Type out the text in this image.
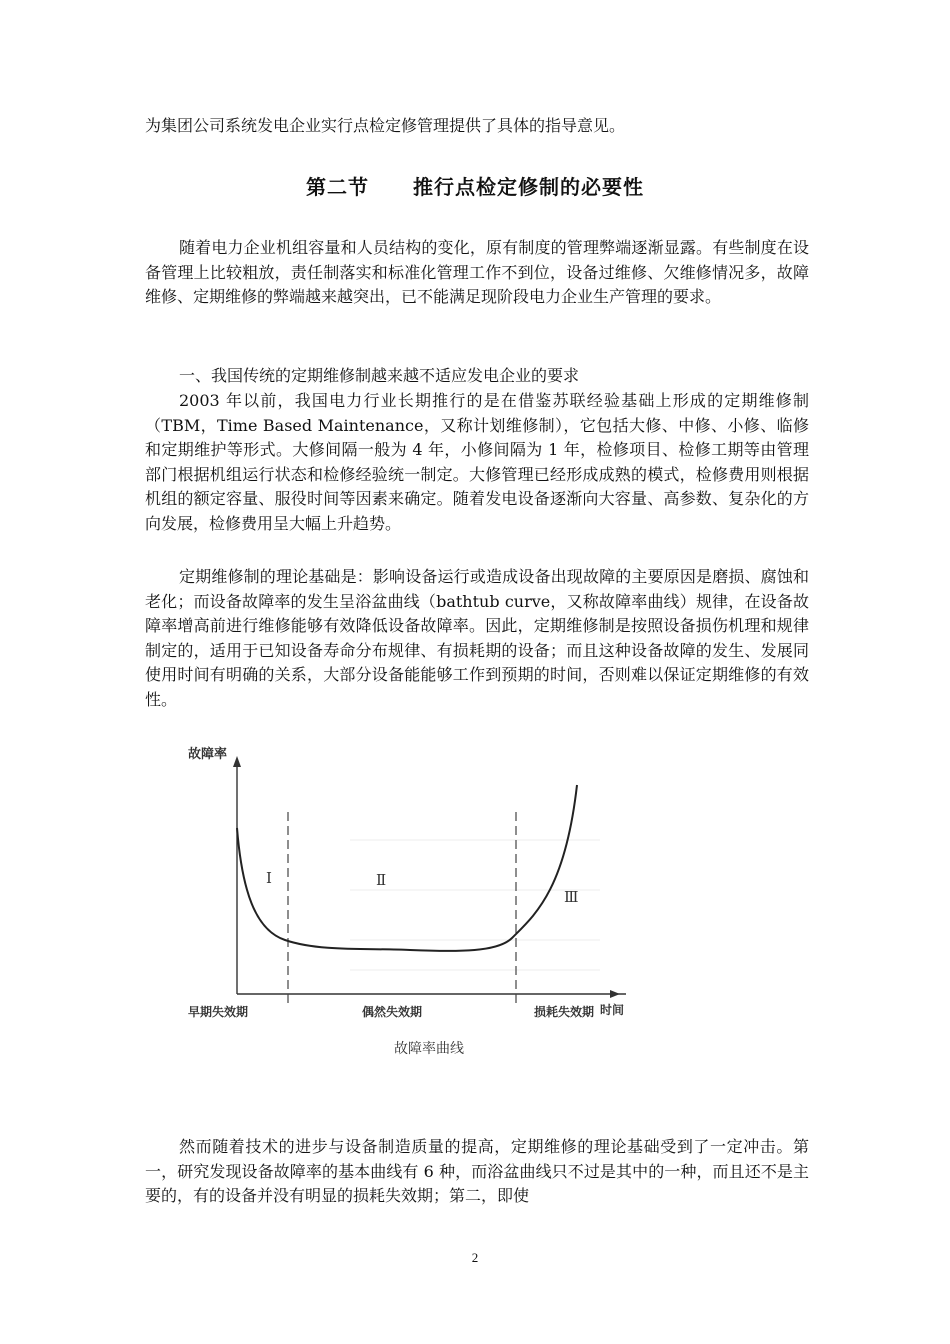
为集团公司系统发电企业实行点检定修管理提供了具体的指导意见。

第二节 推行点检定修制的必要性

随着电力企业机组容量和人员结构的变化，原有制度的管理弊端逐渐显露。有些制度在设备管理上比较粗放，责任制落实和标准化管理工作不到位，设备过维修、欠维修情况多，故障维修、定期维修的弊端越来越突出，已不能满足现阶段电力企业生产管理的要求。

一、我国传统的定期维修制越来越不适应发电企业的要求

2003 年以前，我国电力行业长期推行的是在借鉴苏联经验基础上形成的定期维修制（TBM，Time Based Maintenance，又称计划维修制），它包括大修、中修、小修、临修和定期维护等形式。大修间隔一般为 4 年，小修间隔为 1 年，检修项目、检修工期等由管理部门根据机组运行状态和检修经验统一制定。大修管理已经形成成熟的模式，检修费用则根据机组的额定容量、服役时间等因素来确定。随着发电设备逐渐向大容量、高参数、复杂化的方向发展，检修费用呈大幅上升趋势。

定期维修制的理论基础是：影响设备运行或造成设备出现故障的主要原因是磨损、腐蚀和老化；而设备故障率的发生呈浴盆曲线（bathtub curve，又称故障率曲线）规律，在设备故障率增高前进行维修能够有效降低设备故障率。因此，定期维修制是按照设备损伤机理和规律制定的，适用于已知设备寿命分布规律、有损耗期的设备；而且这种设备故障的发生、发展同使用时间有明确的关系，大部分设备能能够工作到预期的时间，否则难以保证定期维修的有效性。

故障率
时间
Ⅰ	Ⅱ
Ⅲ
早期失效期	偶然失效期	损耗失效期
故障率曲线

然而随着技术的进步与设备制造质量的提高，定期维修的理论基础受到了一定冲击。第一，研究发现设备故障率的基本曲线有 6 种，而浴盆曲线只不过是其中的一种，而且还不是主要的，有的设备并没有明显的损耗失效期；第二，即使

2
